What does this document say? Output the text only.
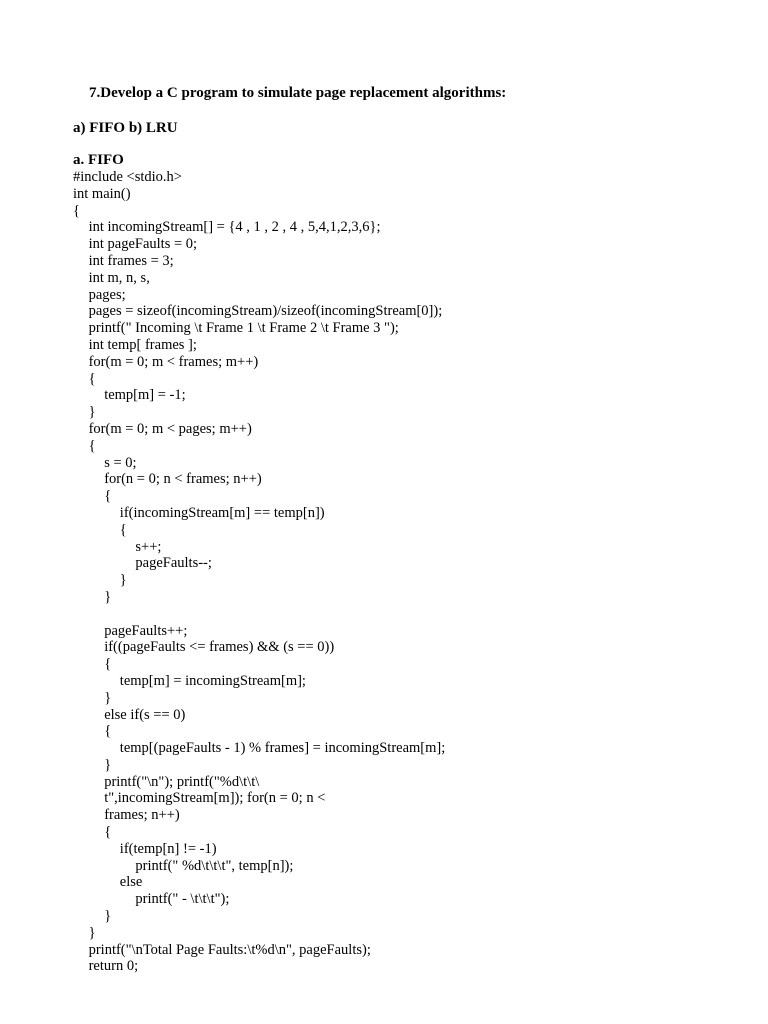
7.Develop a C program to simulate page replacement algorithms:
a) FIFO b) LRU
a. FIFO
#include <stdio.h>
int main()
{
int incomingStream[] = {4 , 1 , 2 , 4 , 5,4,1,2,3,6};
int pageFaults = 0;
int frames = 3;
int m, n, s,
pages;
pages = sizeof(incomingStream)/sizeof(incomingStream[0]);
printf(" Incoming \t Frame 1 \t Frame 2 \t Frame 3 ");
int temp[ frames ];
for(m = 0; m < frames; m++)
{
temp[m] = -1;
}
for(m = 0; m < pages; m++)
{
s = 0;
for(n = 0; n < frames; n++)
{
if(incomingStream[m] == temp[n])
{
s++;
pageFaults--;
}
}
pageFaults++;
if((pageFaults <= frames) && (s == 0))
{
temp[m] = incomingStream[m];
}
else if(s == 0)
{
temp[(pageFaults - 1) % frames] = incomingStream[m];
}
printf("\n"); printf("%d\t\t\
t",incomingStream[m]); for(n = 0; n <
frames; n++)
{
if(temp[n] != -1)
printf(" %d\t\t\t", temp[n]);
else
printf(" - \t\t\t");
}
}
printf("\nTotal Page Faults:\t%d\n", pageFaults);
return 0;
